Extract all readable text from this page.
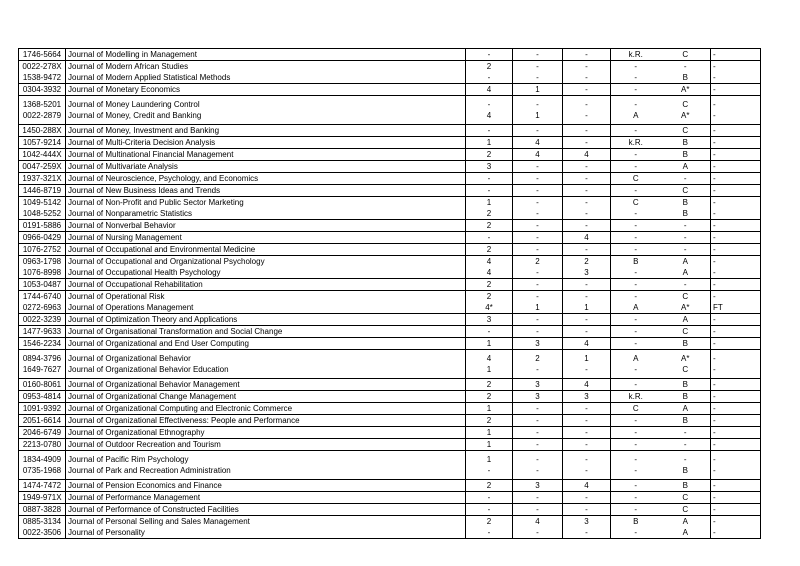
1746-5664	Journal of Modelling in Management	-	-	-	k.R.	C	-
0022-278X	Journal of Modern African Studies	2	-	-	-	-	-
1538-9472	Journal of Modern Applied Statistical Methods	-	-	-	-	B	-
0304-3932	Journal of Monetary Economics	4	1	-	-	A*	-
1368-5201	Journal of Money Laundering Control	-	-	-	-	C	-
0022-2879	Journal of Money, Credit and Banking	4	1	-	A	A*	-
1450-288X	Journal of Money, Investment and Banking	-	-	-	-	C	-
1057-9214	Journal of Multi-Criteria Decision Analysis	1	4	-	k.R.	B	-
1042-444X	Journal of Multinational Financial Management	2	4	4	-	B	-
0047-259X	Journal of Multivariate Analysis	3	-	-	-	A	-
1937-321X	Journal of Neuroscience, Psychology, and Economics	-	-	-	C	-	-
1446-8719	Journal of New Business Ideas and Trends	-	-	-	-	C	-
1049-5142	Journal of Non-Profit and Public Sector Marketing	1	-	-	C	B	-
1048-5252	Journal of Nonparametric Statistics	2	-	-	-	B	-
0191-5886	Journal of Nonverbal Behavior	2	-	-	-	-	-
0966-0429	Journal of Nursing Management	-	-	4	-	-	-
1076-2752	Journal of Occupational and Environmental Medicine	2	-	-	-	-	-
0963-1798	Journal of Occupational and Organizational Psychology	4	2	2	B	A	-
1076-8998	Journal of Occupational Health Psychology	4	-	3	-	A	-
1053-0487	Journal of Occupational Rehabilitation	2	-	-	-	-	-
1744-6740	Journal of Operational Risk	2	-	-	-	C	-
0272-6963	Journal of Operations Management	4*	1	1	A	A*	FT
0022-3239	Journal of Optimization Theory and Applications	3	-	-	-	A	-
1477-9633	Journal of Organisational Transformation and Social Change	-	-	-	-	C	-
1546-2234	Journal of Organizational and End User Computing	1	3	4	-	B	-
0894-3796	Journal of Organizational Behavior	4	2	1	A	A*	-
1649-7627	Journal of Organizational Behavior Education	1	-	-	-	C	-
0160-8061	Journal of Organizational Behavior Management	2	3	4	-	B	-
0953-4814	Journal of Organizational Change Management	2	3	3	k.R.	B	-
1091-9392	Journal of Organizational Computing and Electronic Commerce	1	-	-	C	A	-
2051-6614	Journal of Organizational Effectiveness: People and Performance	2	-	-	-	B	-
2046-6749	Journal of Organizational Ethnography	1	-	-	-	-	-
2213-0780	Journal of Outdoor Recreation and Tourism	1	-	-	-	-	-
1834-4909	Journal of Pacific Rim Psychology	1	-	-	-	-	-
0735-1968	Journal of Park and Recreation Administration	-	-	-	-	B	-
1474-7472	Journal of Pension Economics and Finance	2	3	4	-	B	-
1949-971X	Journal of Performance Management	-	-	-	-	C	-
0887-3828	Journal of Performance of Constructed Facilities	-	-	-	-	C	-
0885-3134	Journal of Personal Selling and Sales Management	2	4	3	B	A	-
0022-3506	Journal of Personality	-	-	-	-	A	-
